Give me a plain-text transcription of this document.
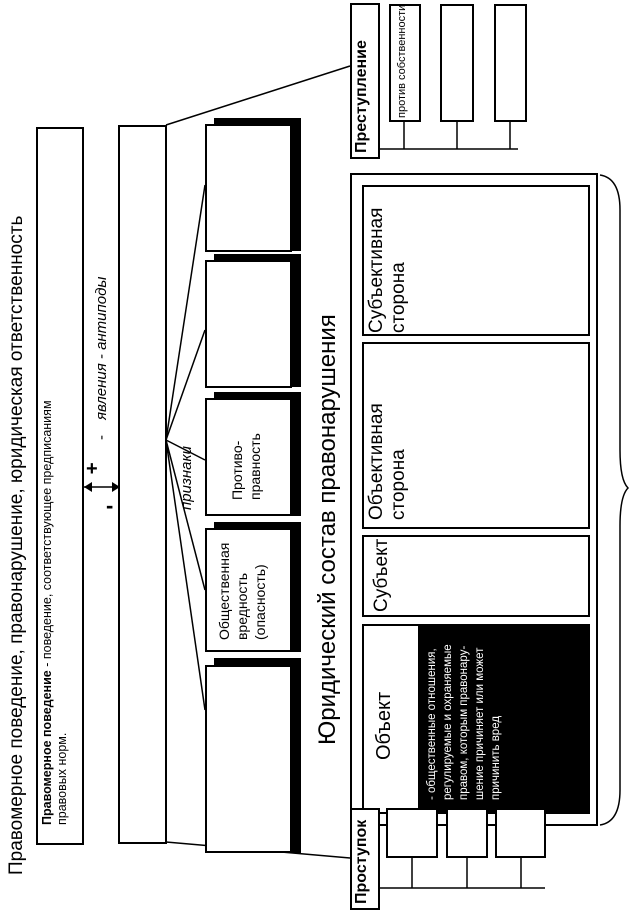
Правомерное поведение, правонарушение, юридическая ответственность Правомерное поведение - поведение, соответствующее предписаниям
правовых норм.
+
-
-
явления - антиподы
признаки Противо- правность
Общественная вредность (опасность) Юридический состав правонарушения
Субъективная сторона
Объективная сторона
Субъект
Объект	- общественные отношения, регулируемые и охраняемые правом, которым правонару- шение причиняет или может причинить вред
Преступление против собственности
Проступок
